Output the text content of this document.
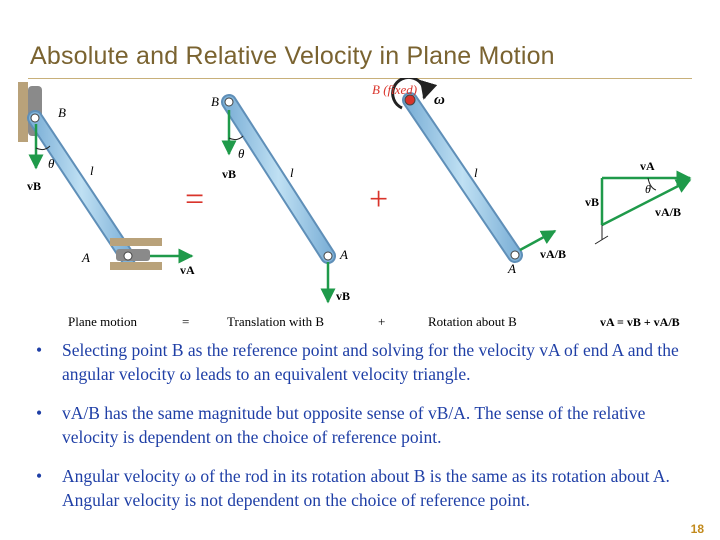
Absolute and Relative Velocity in Plane Motion
B
θ
vB
l
A
vA
=
B
θ
vB	l
A
vB
+
B (fixed)
ω
l
A
vA/B
vA
vB
θ
vA/B
Plane motion	=	Translation with B	+	Rotation about B	vA = vB + vA/B
• Selecting point B as the reference point and solving for the velocity vA of end A and the angular velocity ω leads to an equivalent velocity triangle.
• vA/B has the same magnitude but opposite sense of vB/A. The sense of the relative velocity is dependent on the choice of reference point.
• Angular velocity ω of the rod in its rotation about B is the same as its rotation about A. Angular velocity is not dependent on the choice of reference point.
18
